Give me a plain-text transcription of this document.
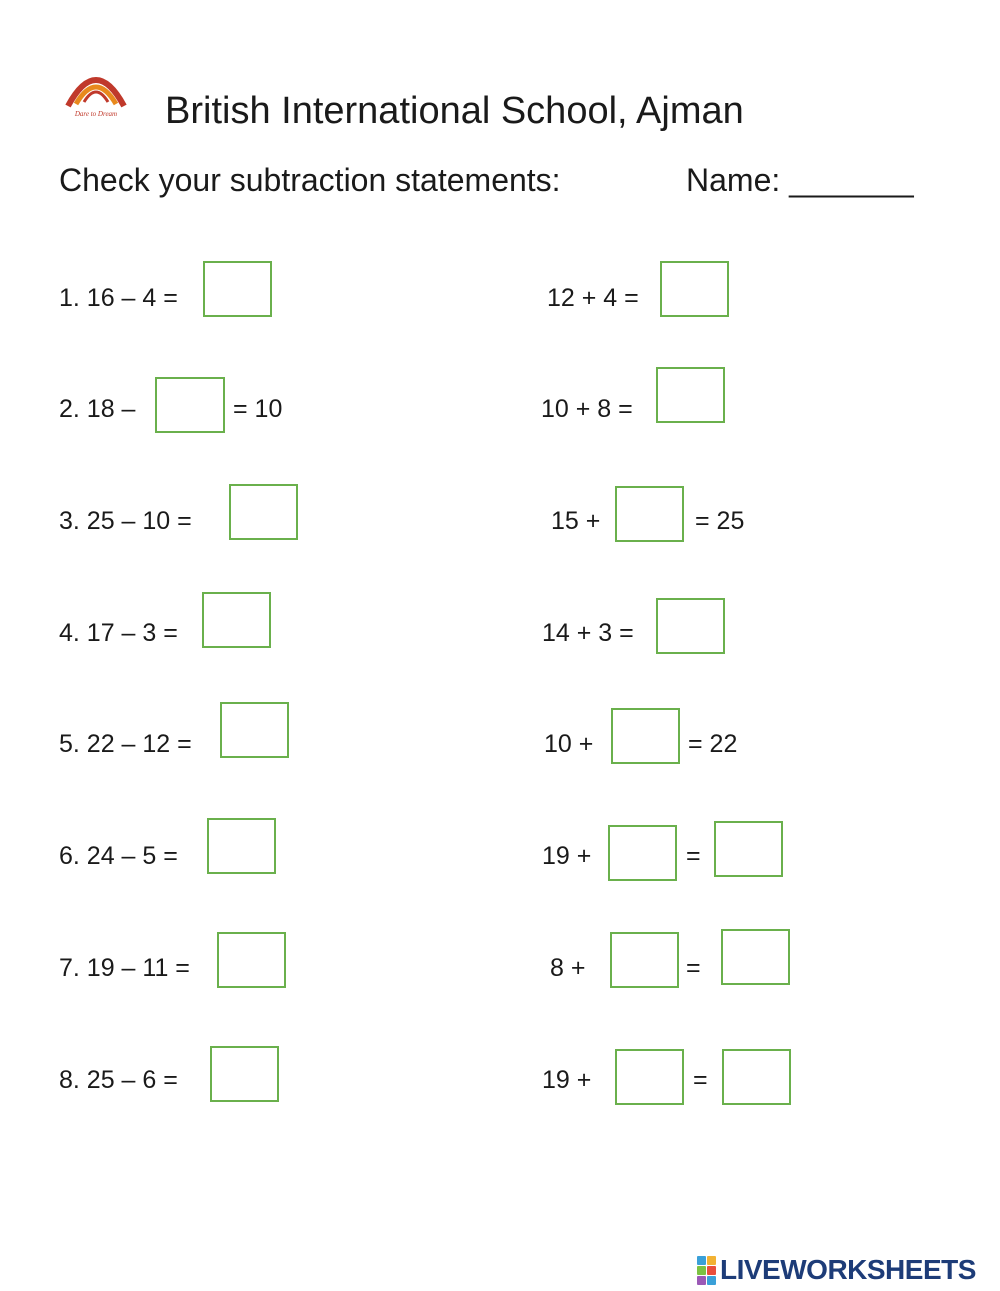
Dare to Dream British International School, Ajman
Check your subtraction statements:	Name: _______
1. 16 – 4 =
2. 18 –	= 10
3. 25 – 10 =
4. 17 – 3 =
5. 22 – 12 =
6. 24 – 5 =
7. 19 – 11 =
8. 25 – 6 =
12 + 4 =
10 + 8 =
15 +	= 25
14 + 3 =
10 +	= 22
19 +	=
8 +	=
19 +	=
LIVEWORKSHEETS
